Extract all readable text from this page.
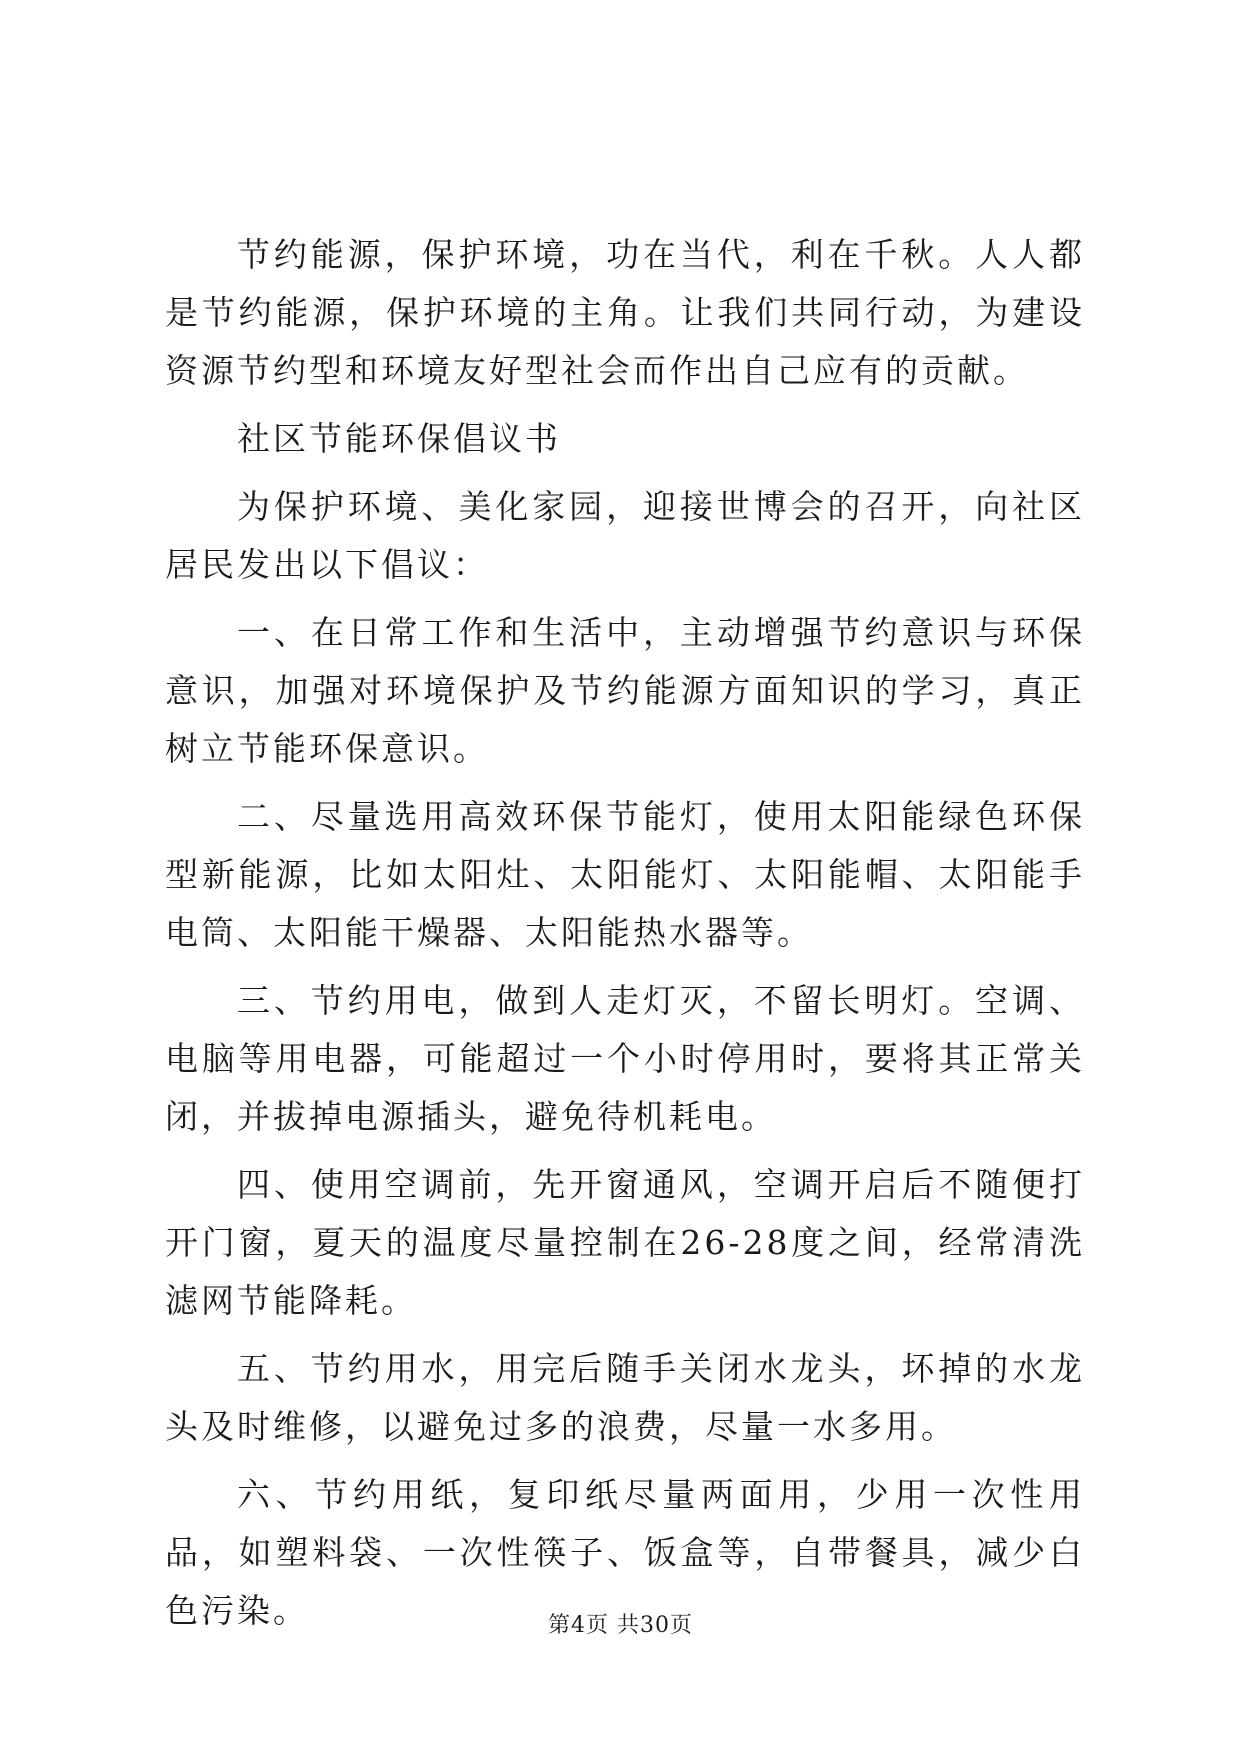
节约能源，保护环境，功在当代，利在千秋。人人都是节约能源，保护环境的主角。让我们共同行动，为建设资源节约型和环境友好型社会而作出自己应有的贡献。

社区节能环保倡议书

为保护环境、美化家园，迎接世博会的召开，向社区居民发出以下倡议：

一、在日常工作和生活中，主动增强节约意识与环保意识，加强对环境保护及节约能源方面知识的学习，真正树立节能环保意识。

二、尽量选用高效环保节能灯，使用太阳能绿色环保型新能源，比如太阳灶、太阳能灯、太阳能帽、太阳能手电筒、太阳能干燥器、太阳能热水器等。

三、节约用电，做到人走灯灭，不留长明灯。空调、电脑等用电器，可能超过一个小时停用时，要将其正常关闭，并拔掉电源插头，避免待机耗电。

四、使用空调前，先开窗通风，空调开启后不随便打开门窗，夏天的温度尽量控制在26-28度之间，经常清洗滤网节能降耗。

五、节约用水，用完后随手关闭水龙头，坏掉的水龙头及时维修，以避免过多的浪费，尽量一水多用。

六、节约用纸，复印纸尽量两面用，少用一次性用品，如塑料袋、一次性筷子、饭盒等，自带餐具，减少白色污染。	第4页 共30页
